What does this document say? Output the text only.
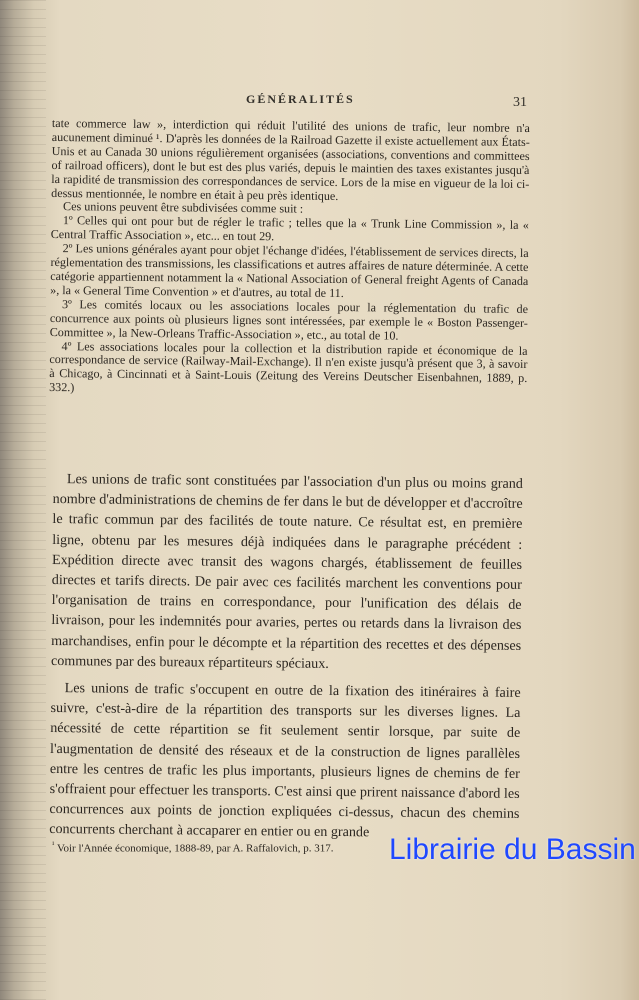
GÉNÉRALITÉS	31

tate commerce law », interdiction qui réduit l'utilité des unions de trafic, leur nombre n'a aucunement diminué ¹. D'après les données de la Railroad Gazette il existe actuellement aux États-Unis et au Canada 30 unions régulièrement organisées (associations, conventions and committees of railroad officers), dont le but est des plus variés, depuis le maintien des taxes existantes jusqu'à la rapidité de transmission des correspondances de service. Lors de la mise en vigueur de la loi ci-dessus mentionnée, le nombre en était à peu près identique.

Ces unions peuvent être subdivisées comme suit :

1º Celles qui ont pour but de régler le trafic ; telles que la « Trunk Line Commission », la « Central Traffic Association », etc... en tout 29.

2º Les unions générales ayant pour objet l'échange d'idées, l'établissement de services directs, la réglementation des transmissions, les classifications et autres affaires de nature déterminée. A cette catégorie appartiennent notamment la « National Association of General freight Agents of Canada », la « General Time Convention » et d'autres, au total de 11.

3º Les comités locaux ou les associations locales pour la réglementation du trafic de concurrence aux points où plusieurs lignes sont intéressées, par exemple le « Boston Passenger-Committee », la New-Orleans Traffic-Association », etc., au total de 10.

4º Les associations locales pour la collection et la distribution rapide et économique de la correspondance de service (Railway-Mail-Exchange). Il n'en existe jusqu'à présent que 3, à savoir à Chicago, à Cincinnati et à Saint-Louis (Zeitung des Vereins Deutscher Eisenbahnen, 1889, p. 332.)

Les unions de trafic sont constituées par l'association d'un plus ou moins grand nombre d'administrations de chemins de fer dans le but de développer et d'accroître le trafic commun par des facilités de toute nature. Ce résultat est, en première ligne, obtenu par les mesures déjà indiquées dans le paragraphe précédent : Expédition directe avec transit des wagons chargés, établissement de feuilles directes et tarifs directs. De pair avec ces facilités marchent les conventions pour l'organisation de trains en correspondance, pour l'unification des délais de livraison, pour les indemnités pour avaries, pertes ou retards dans la livraison des marchandises, enfin pour le décompte et la répartition des recettes et des dépenses communes par des bureaux répartiteurs spéciaux.

Les unions de trafic s'occupent en outre de la fixation des itinéraires à faire suivre, c'est-à-dire de la répartition des transports sur les diverses lignes. La nécessité de cette répartition se fit seulement sentir lorsque, par suite de l'augmentation de densité des réseaux et de la construction de lignes parallèles entre les centres de trafic les plus importants, plusieurs lignes de chemins de fer s'offraient pour effectuer les transports. C'est ainsi que prirent naissance d'abord les concurrences aux points de jonction expliquées ci-dessus, chacun des chemins concurrents cherchant à accaparer en entier ou en grande

$^{^1}$ Voir l'Année économique, 1888-89, par A. Raffalovich, p. 317.	Librairie du Bassin
